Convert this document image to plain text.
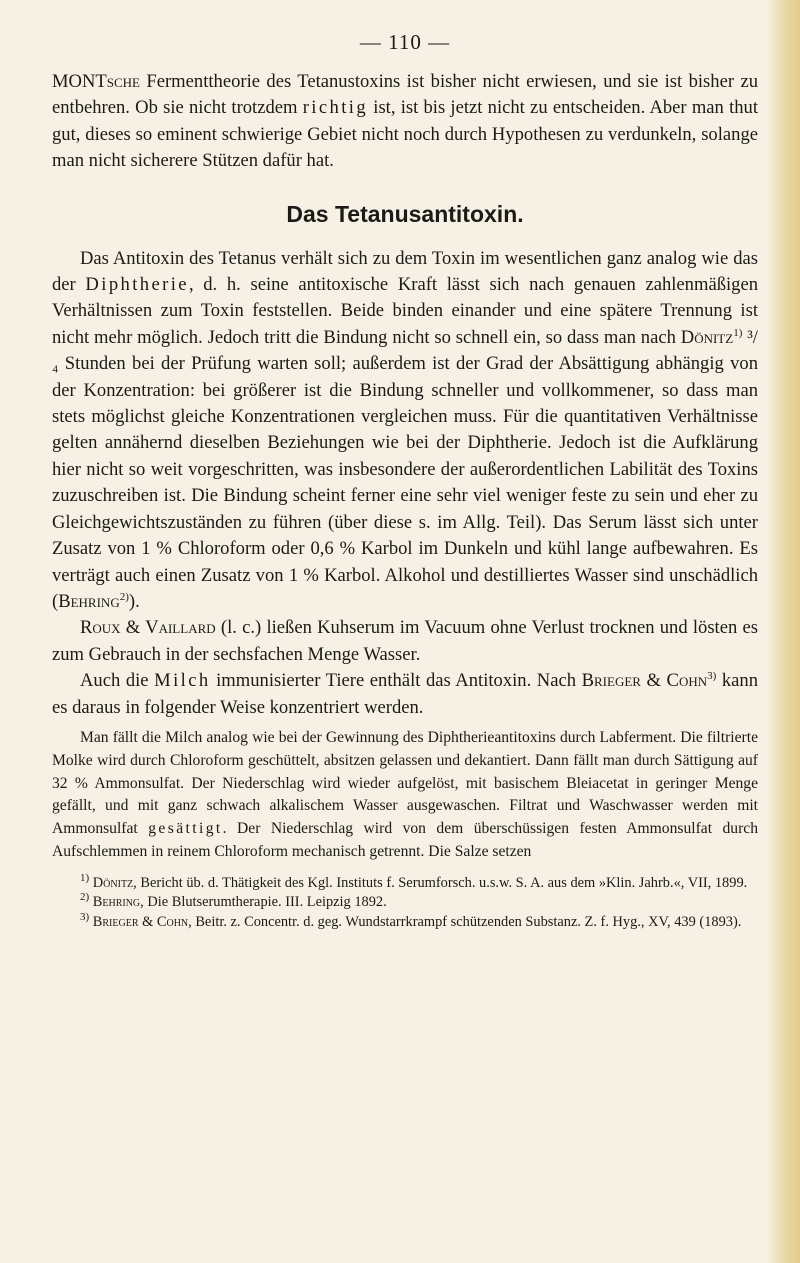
— 110 —

MONTsche Fermenttheorie des Tetanustoxins ist bisher nicht erwiesen, und sie ist bisher zu entbehren. Ob sie nicht trotzdem richtig ist, ist bis jetzt nicht zu entscheiden. Aber man thut gut, dieses so eminent schwierige Gebiet nicht noch durch Hypothesen zu verdunkeln, solange man nicht sicherere Stützen dafür hat.

Das Tetanusantitoxin.

Das Antitoxin des Tetanus verhält sich zu dem Toxin im wesentlichen ganz analog wie das der Diphtherie, d. h. seine antitoxische Kraft lässt sich nach genauen zahlenmäßigen Verhältnissen zum Toxin feststellen. Beide binden einander und eine spätere Trennung ist nicht mehr möglich. Jedoch tritt die Bindung nicht so schnell ein, so dass man nach Dönitz$^{1)}$ ³/₄ Stunden bei der Prüfung warten soll; außerdem ist der Grad der Absättigung abhängig von der Konzentration: bei größerer ist die Bindung schneller und vollkommener, so dass man stets möglichst gleiche Konzentrationen vergleichen muss. Für die quantitativen Verhältnisse gelten annähernd dieselben Beziehungen wie bei der Diphtherie. Jedoch ist die Aufklärung hier nicht so weit vorgeschritten, was insbesondere der außerordentlichen Labilität des Toxins zuzuschreiben ist. Die Bindung scheint ferner eine sehr viel weniger feste zu sein und eher zu Gleichgewichtszuständen zu führen (über diese s. im Allg. Teil). Das Serum lässt sich unter Zusatz von 1 % Chloroform oder 0,6 % Karbol im Dunkeln und kühl lange aufbewahren. Es verträgt auch einen Zusatz von 1 % Karbol. Alkohol und destilliertes Wasser sind unschädlich (Behring$^{2)}$).

Roux & Vaillard (l. c.) ließen Kuhserum im Vacuum ohne Verlust trocknen und lösten es zum Gebrauch in der sechsfachen Menge Wasser.

Auch die Milch immunisierter Tiere enthält das Antitoxin. Nach Brieger & Cohn$^{3)}$ kann es daraus in folgender Weise konzentriert werden.

Man fällt die Milch analog wie bei der Gewinnung des Diphtherieantitoxins durch Labferment. Die filtrierte Molke wird durch Chloroform geschüttelt, absitzen gelassen und dekantiert. Dann fällt man durch Sättigung auf 32 % Ammonsulfat. Der Niederschlag wird wieder aufgelöst, mit basischem Bleiacetat in geringer Menge gefällt, und mit ganz schwach alkalischem Wasser ausgewaschen. Filtrat und Waschwasser werden mit Ammonsulfat gesättigt. Der Niederschlag wird von dem überschüssigen festen Ammonsulfat durch Aufschlemmen in reinem Chloroform mechanisch getrennt. Die Salze setzen

$^{1)}$ Dönitz, Bericht üb. d. Thätigkeit des Kgl. Instituts f. Serumforsch. u.s.w. S. A. aus dem »Klin. Jahrb.«, VII, 1899.

$^{2)}$ Behring, Die Blutserumtherapie. III. Leipzig 1892.

$^{3)}$ Brieger & Cohn, Beitr. z. Concentr. d. geg. Wundstarrkrampf schützenden Substanz. Z. f. Hyg., XV, 439 (1893).
